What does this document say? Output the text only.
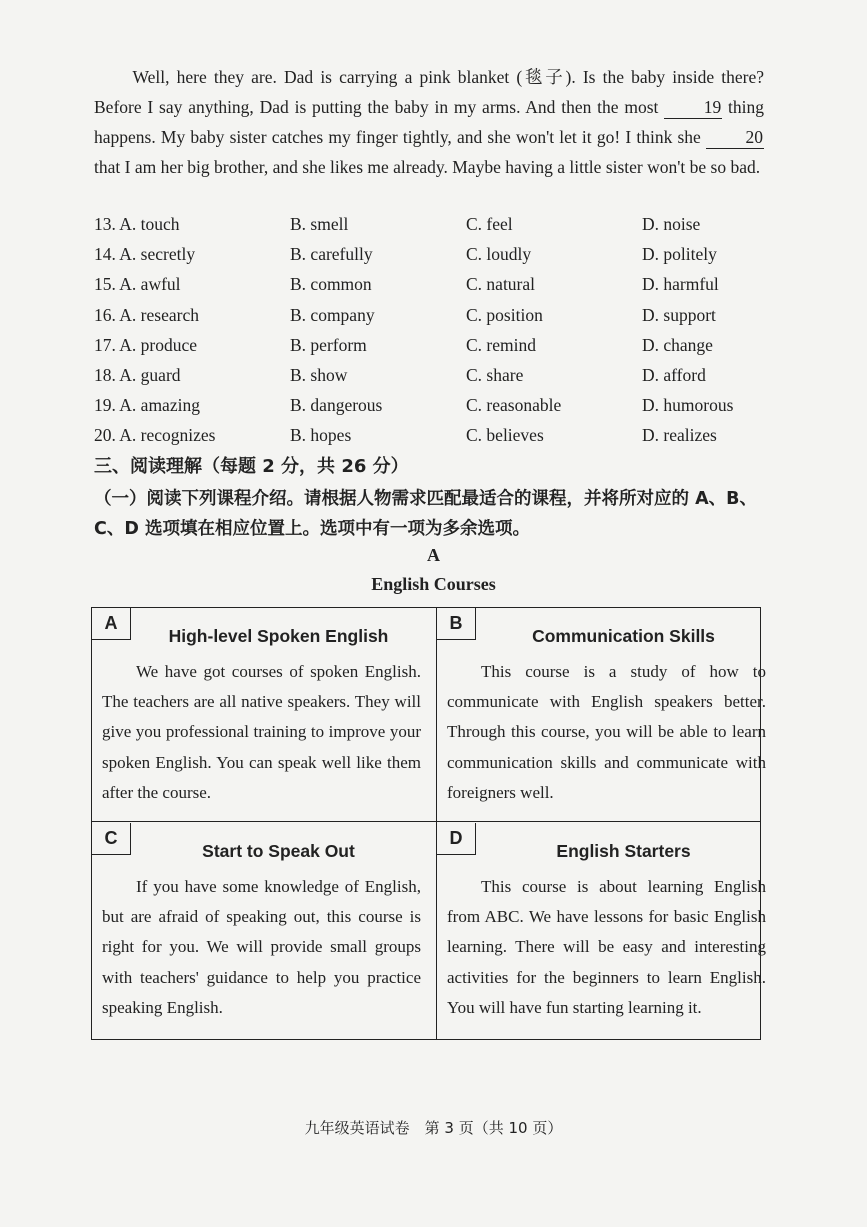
Well, here they are. Dad is carrying a pink blanket (毯子). Is the baby inside there? Before I say anything, Dad is putting the baby in my arms. And then the most	19 thing happens. My baby sister catches my finger tightly, and she won't let it go! I think she	20 that I am her big brother, and she likes me already. Maybe having a little sister won't be so bad.

13. A. touch	B. smell	C. feel	D. noise
14. A. secretly	B. carefully	C. loudly	D. politely
15. A. awful	B. common	C. natural	D. harmful
16. A. research	B. company	C. position	D. support
17. A. produce	B. perform	C. remind	D. change
18. A. guard	B. show	C. share	D. afford
19. A. amazing	B. dangerous	C. reasonable	D. humorous
20. A. recognizes	B. hopes	C. believes	D. realizes
三、阅读理解（每题 2 分，共 26 分）
（一）阅读下列课程介绍。请根据人物需求匹配最适合的课程，并将所对应的 A、B、C、D 选项填在相应位置上。选项中有一项为多余选项。
A
English Courses
A
High-level Spoken English
We have got courses of spoken English. The teachers are all native speakers. They will give you professional training to improve your spoken English. You can speak well like them after the course.
B
Communication Skills
This course is a study of how to communicate with English speakers better. Through this course, you will be able to learn communication skills and communicate with foreigners well.
C
Start to Speak Out
If you have some knowledge of English, but are afraid of speaking out, this course is right for you. We will provide small groups with teachers' guidance to help you practice speaking English.
D
English Starters
This course is about learning English from ABC. We have lessons for basic English learning. There will be easy and interesting activities for the beginners to learn English. You will have fun starting learning it.
九年级英语试卷　第 3 页（共 10 页）
